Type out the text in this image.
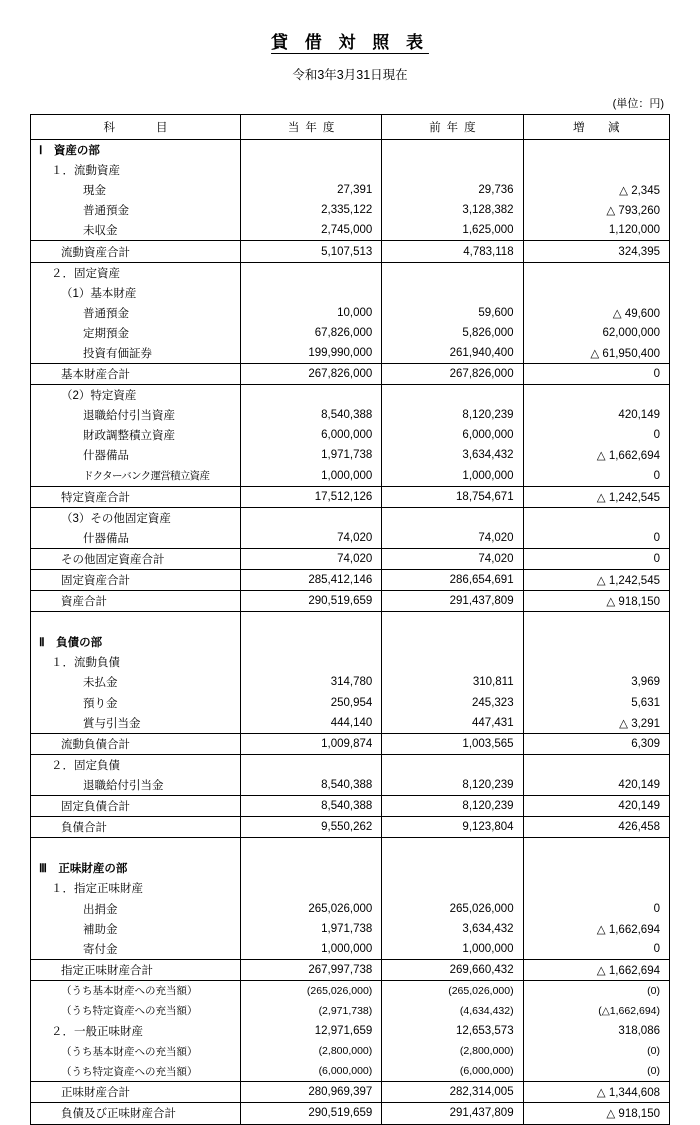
貸 借 対 照 表
令和3年3月31日現在
(単位：円)
科　　目	当年度	前年度	増　減
Ⅰ　資産の部			
１．流動資産			
現金	27,391	29,736	△ 2,345
普通預金	2,335,122	3,128,382	△ 793,260
未収金	2,745,000	1,625,000	1,120,000
流動資産合計	5,107,513	4,783,118	324,395
２．固定資産			
（1）基本財産			
普通預金	10,000	59,600	△ 49,600
定期預金	67,826,000	5,826,000	62,000,000
投資有価証券	199,990,000	261,940,400	△ 61,950,400
基本財産合計	267,826,000	267,826,000	0
（2）特定資産			
退職給付引当資産	8,540,388	8,120,239	420,149
財政調整積立資産	6,000,000	6,000,000	0
什器備品	1,971,738	3,634,432	△ 1,662,694
ドクターバンク運営積立資産	1,000,000	1,000,000	0
特定資産合計	17,512,126	18,754,671	△ 1,242,545
（3）その他固定資産			
什器備品	74,020	74,020	0
その他固定資産合計	74,020	74,020	0
固定資産合計	285,412,146	286,654,691	△ 1,242,545
資産合計	290,519,659	291,437,809	△ 918,150

Ⅱ　負債の部			
１．流動負債			
未払金	314,780	310,811	3,969
預り金	250,954	245,323	5,631
賞与引当金	444,140	447,431	△ 3,291
流動負債合計	1,009,874	1,003,565	6,309
２．固定負債			
退職給付引当金	8,540,388	8,120,239	420,149
固定負債合計	8,540,388	8,120,239	420,149
負債合計	9,550,262	9,123,804	426,458

Ⅲ　正味財産の部			
１．指定正味財産			
出捐金	265,026,000	265,026,000	0
補助金	1,971,738	3,634,432	△ 1,662,694
寄付金	1,000,000	1,000,000	0
指定正味財産合計	267,997,738	269,660,432	△ 1,662,694
（うち基本財産への充当額）	(265,026,000)	(265,026,000)	(0)
（うち特定資産への充当額）	(2,971,738)	(4,634,432)	(△1,662,694)
２．一般正味財産	12,971,659	12,653,573	318,086
（うち基本財産への充当額）	(2,800,000)	(2,800,000)	(0)
（うち特定資産への充当額）	(6,000,000)	(6,000,000)	(0)
正味財産合計	280,969,397	282,314,005	△ 1,344,608
負債及び正味財産合計	290,519,659	291,437,809	△ 918,150
